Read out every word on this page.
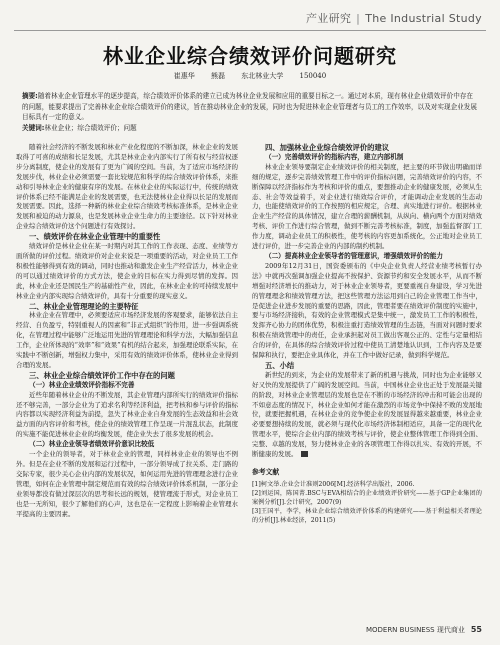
产业研究 | The Industrial Study
林业企业综合绩效评价问题研究
崔惠华 熊磊 东北林业大学 150040
摘要:随着林业企业管理水平的逐步提高，综合绩效评价体系的建立已成为林业企业发展和应用的重要目标之一。通过对本质，现有林业企业绩效评价中存在的问题，能要求提出了完善林业企业综合绩效评价的建议，旨在推动林业企业的发展，同时也为促进林业企业管理者与员工的工作效率，以及对实现企业发展目标具有一定的意义。
关键词:林业企业；综合绩效评价；问题

随着社会经济的不断发展和林业产业化程度的不断加深，林业企业的发展取得了可喜的成绩和长足发展，尤其是林业企业内部实行了所有权与经营权逐步分离制度，使企业的发展有了更为广阔的空间。当前，为了适应市场经济的发展步伐，林业企业必须需要一套比较规范和科学的综合绩效评价体系，来推动和引导林业企业的健康有序的发展。在林业企业的实际运行中，传统的绩效评价体系已经不能满足企业的发展需要，也无法使林业企业得以长足的发展而发展需要。因此，选择一种新的林业企业综合绩效考核标准体系，是林业企业发展和被迫的动力源泉，也是发展林业企业生命力的主要途径。以下针对林业企业综合绩效评价这个问题进行有效探讨。

一、绩效评价在林业企业管理中的重要性

绩效评价是林业企业在某一时期内对其工作的工作表现、态度、业绩等方面所做的评价过程。绩效评价对企业来说是一项重要的活动，对企业员工工作积极性能够得到有效的调动，同时也推动和激发企业生产经营活力，林业企业的可以通过绩效评价的方式方法，使企业的目标在实力得到尽情的发挥。因此，林业企业还是国民生产的基础性产业，因此，在林业企业的可持续发展中林业企业内部实现综合绩效评价，具有十分重要的现实意义。

二、林业企业管理理论的主要特征

林业企业在管理中，必须要适应市场经济发展的客观要求，能够依法自主经营、自负盈亏，特别重视人的因素和“非正式组织”的作用，进一步强调系统化，在管理过程中能够广泛地运用先进的管理理论和科学方法，大幅加强信息工作，企业所体现的“效率”和“效果”有机的结合起来，加强理论联系实际，在实践中不断创新，增强权力集中，采用有效的绩效评价体系，使林业企业得到合理的发展。

三、林业企业综合绩效评价工作中存在的问题

（一）林业企业绩效评价指标不完善

近些年随着林业企业的不断发展，其企业管理内部所实行的绩效评价指标还不够完善，一部分企业为了追求名利等经济利益，把考核和参与评价的指标内容都以实现经济利益为前提，忽失了林业企业自身发展的生态效益和社会效益方面的内容评价和考核，使企业的绩效管理工作呈现一片混乱状态，此制度的实施不能促进林业企业的均衡发展，使企业失去了很多发展的机会。

（二）林业企业领导者绩效评价意识比较低

一个企业的领导者，对于林业企业的管理，同样林业企业的领导也不例外。但是在企业不断的发展和运行过程中，一部分领导成了拉关系、走门路的交际专家，很少关心企业内部的发展状况，如何运用先进的管理理念进行企业管理，如何在企业管理中制定规范而有效的综合绩效评价体系机制，一部分企业领导都没有做过深层次的思考和长远的规划，使管理流于形式，对企业员工也是一无所知，很少了解他们的心声，这也是在一定程度上影响着企业管理水平提高的主要因素。

四、加强林业企业综合绩效评价的建议

（一）完善绩效评价的指标内容，建立内部机制

林业企业领导要制定企业绩效评价的相关制度，把主要的环节做出明确而详细的规定，逐步完善绩效管理工作中的评价指标问题，完善绩效评价的内容，不断保障以经济指标作为考核和评价的重点，要想推动企业的健康发展，必须从生态、社会等效益着手，对企业进行绩效综合评价，才能调动企业发展的生态动力，也能使绩效评价的工作按照的相应规定，合理、真实地进行评价。根据林业企业生产经营的具体情况，建立合理的薪酬机制，从纵向、横向两个方面对绩效考核、评价工作进行综合管理，做到不断完善考核标准，制度，加强监督部门工作力度，调动企业员工的积极性，使考核的内容更加系统化，公正地对企业员工进行评价，进一步完善企业的内部的制约机制。

（二）提高林业企业领导者的管理意识，增强绩效评价的能力

2009年12月31日，国资委颁布的《中央企业负责人经营业绩考核暂行办法》中就再次强调加强企业提高不按保护、资源节约和安全发展水平，从而不断增强对经济增长的推动力，对于林业企业领导者，更要重视自身建设，学习先进的管理理念和绩效管理方法，把这些管理方法运用到自己的企业管理工作当中，是促进企业进步发展的重要的思路，因此，管理者要在绩效评价制度的实施中，要与市场经济接轨，有效的企业管理模式是集中统一，激发员工工作的积极性，发挥齐心协力的团体优势，积极注重打造绩效管理的生态链，当面对问题时要求积极在绩效管理中的责任，企业承担起对员工做出客观公正的、定性与定量相结合的评价，在具体的综合绩效评价过程中使员工清楚地认识到，工作内容及是要保障和执行，要把企业具体化，并在工作中做好记录，做到科学规范。

五、小结

新世纪的到来，为企业的发展带来了新的机遇与挑战，同时也为企业能够又好又快的发展提供了广阔的发展空间。当前，中国林业企业也正处于发展最关键的阶段，对林业企业管理层的发展也是在不断的市场经济的冲击和可能会出现的不如意态度的情况下，林业企业如何才能在激烈的市场竞争中保持不败的发展地位，就要把握机遇，在林业企业的竞争使企业的发展显得越来越重要，林业企业必要要想持续的发展，就必须与现代化市场经济体制相适应，具备一定的现代化管理水平，使综合企业内部的绩效考核与评价，使企业整体管理工作得到全面、完整、卓越的发展，努力使林业企业的各项管理工作得以扎实、有效的开展，不断健康的发展。

参考文献

[1]柯文举.企业会计准则2006[M].经济科学出版社，2006.

[2]刘运国，陈国菁.BSC与EVA相结合的企业绩效评价研究——基于GP企业集团的案例分析[J].会计研究，2007(9)

[3]王国平，李学，林业企业综合绩效评价体系的构建研究——基于利益相关者理论的分析[J].林业经济，2011(5)

MODERN BUSINESS 现代商业 55
